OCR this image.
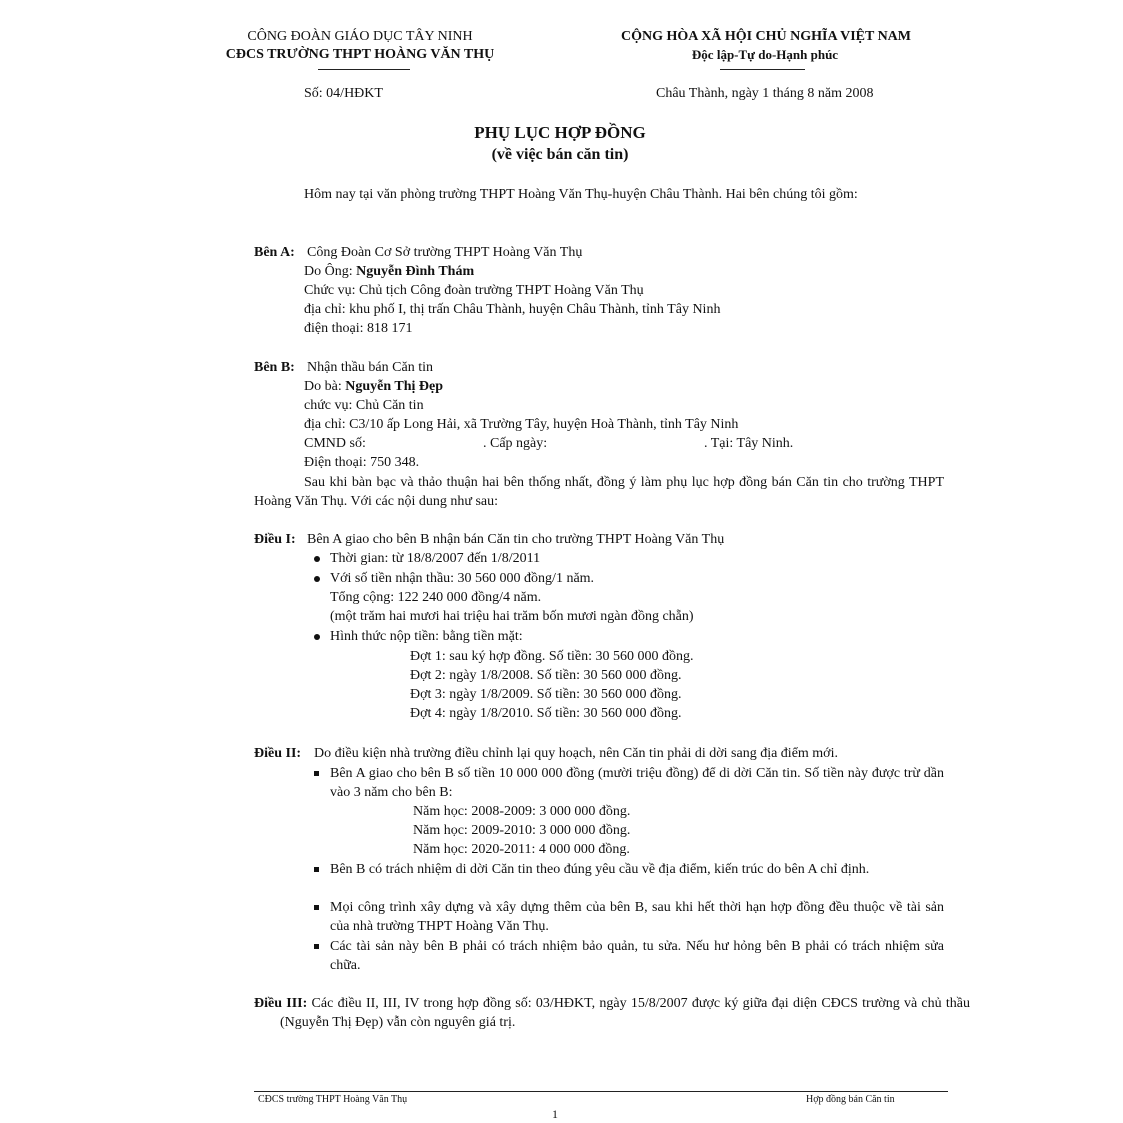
CÔNG ĐOÀN GIÁO DỤC TÂY NINH
CĐCS TRƯỜNG THPT HOÀNG VĂN THỤ
CỘNG HÒA XÃ HỘI CHỦ NGHĨA VIỆT NAM
Độc lập-Tự do-Hạnh phúc
Số: 04/HĐKT	Châu Thành, ngày 1 tháng 8 năm 2008
PHỤ LỤC HỢP ĐỒNG
(về việc bán căn tin)
Hôm nay tại văn phòng trường THPT Hoàng Văn Thụ-huyện Châu Thành. Hai bên chúng tôi gồm:
Bên A: Công Đoàn Cơ Sở trường THPT Hoàng Văn Thụ
Do Ông: Nguyễn Đình Thám
Chức vụ: Chủ tịch Công đoàn trường THPT Hoàng Văn Thụ
địa chỉ: khu phố I, thị trấn Châu Thành, huyện Châu Thành, tỉnh Tây Ninh
điện thoại: 818 171
Bên B: Nhận thầu bán Căn tin
Do bà: Nguyễn Thị Đẹp
chức vụ: Chủ Căn tin
địa chỉ: C3/10 ấp Long Hải, xã Trường Tây, huyện Hoà Thành, tỉnh Tây Ninh
CMND số:	. Cấp ngày:	. Tại: Tây Ninh.
Điện thoại: 750 348.
Sau khi bàn bạc và thảo thuận hai bên thống nhất, đồng ý làm phụ lục hợp đồng bán Căn tin cho trường THPT Hoàng Văn Thụ. Với các nội dung như sau:
Điều I: Bên A giao cho bên B nhận bán Căn tin cho trường THPT Hoàng Văn Thụ
Thời gian: từ 18/8/2007 đến 1/8/2011
Với số tiền nhận thầu: 30 560 000 đồng/1 năm.
Tổng cộng: 122 240 000 đồng/4 năm.
(một trăm hai mươi hai triệu hai trăm bốn mươi ngàn đồng chẵn)
Hình thức nộp tiền: bằng tiền mặt:
Đợt 1: sau ký hợp đồng. Số tiền: 30 560 000 đồng.
Đợt 2: ngày 1/8/2008. Số tiền: 30 560 000 đồng.
Đợt 3: ngày 1/8/2009. Số tiền: 30 560 000 đồng.
Đợt 4: ngày 1/8/2010. Số tiền: 30 560 000 đồng.
Điều II: Do điều kiện nhà trường điều chỉnh lại quy hoạch, nên Căn tin phải di dời sang địa điểm mới.
Bên A giao cho bên B số tiền 10 000 000 đồng (mười triệu đồng) để di dời Căn tin. Số tiền này được trừ dần vào 3 năm cho bên B:
Năm học: 2008-2009: 3 000 000 đồng.
Năm học: 2009-2010: 3 000 000 đồng.
Năm học: 2020-2011: 4 000 000 đồng.
Bên B có trách nhiệm di dời Căn tin theo đúng yêu cầu về địa điểm, kiến trúc do bên A chỉ định.
Mọi công trình xây dựng và xây dựng thêm của bên B, sau khi hết thời hạn hợp đồng đều thuộc về tài sản của nhà trường THPT Hoàng Văn Thụ.
Các tài sản này bên B phải có trách nhiệm bảo quản, tu sửa. Nếu hư hỏng bên B phải có trách nhiệm sửa chữa.
Điều III: Các điều II, III, IV trong hợp đồng số: 03/HĐKT, ngày 15/8/2007 được ký giữa đại diện CĐCS trường và chủ thầu (Nguyễn Thị Đẹp) vẫn còn nguyên giá trị.
CĐCS trường THPT Hoàng Văn Thụ	Hợp đồng bán Căn tin
1
